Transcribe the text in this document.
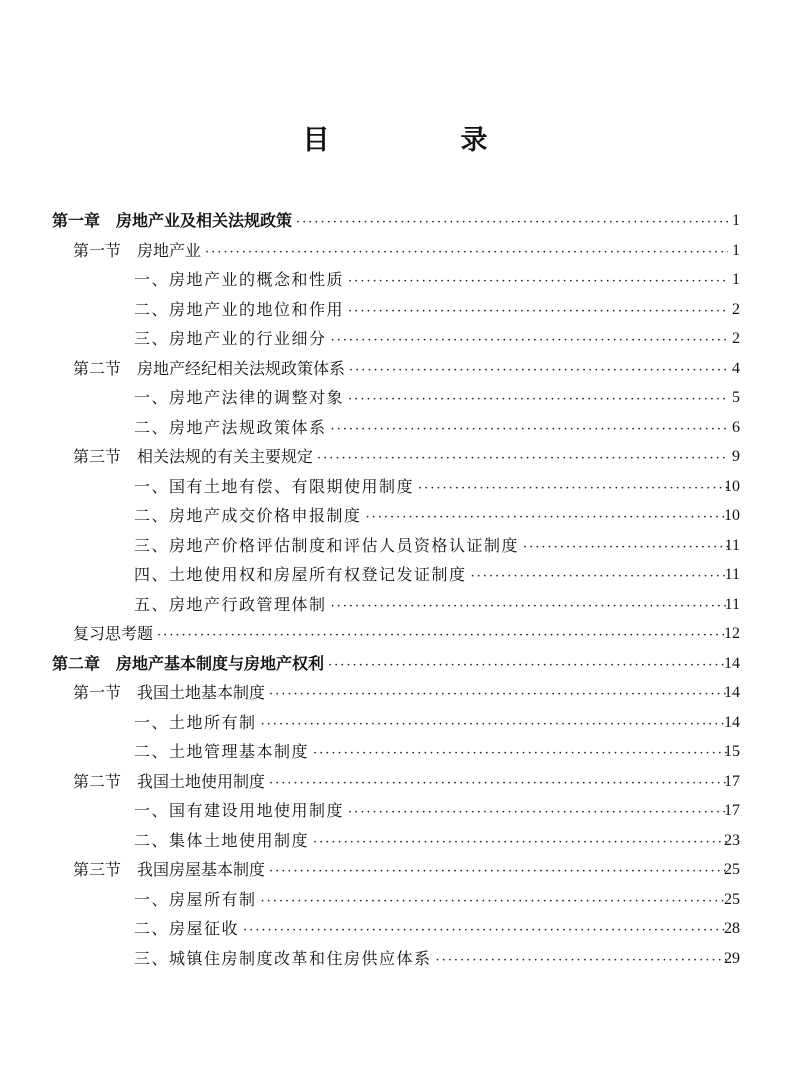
目　录
第一章　房地产业及相关法规政策 ·····	1
第一节　房地产业 ·····	1
一、房地产业的概念和性质 ·····	1
二、房地产业的地位和作用 ·····	2
三、房地产业的行业细分 ·····	2
第二节　房地产经纪相关法规政策体系 ·····	4
一、房地产法律的调整对象 ·····	5
二、房地产法规政策体系 ·····	6
第三节　相关法规的有关主要规定 ·····	9
一、国有土地有偿、有限期使用制度 ·····	10
二、房地产成交价格申报制度 ·····	10
三、房地产价格评估制度和评估人员资格认证制度 ·····	11
四、土地使用权和房屋所有权登记发证制度 ·····	11
五、房地产行政管理体制 ·····	11
复习思考题 ·····	12
第二章　房地产基本制度与房地产权利 ·····	14
第一节　我国土地基本制度 ·····	14
一、土地所有制 ·····	14
二、土地管理基本制度 ·····	15
第二节　我国土地使用制度 ·····	17
一、国有建设用地使用制度 ·····	17
二、集体土地使用制度 ·····	23
第三节　我国房屋基本制度 ·····	25
一、房屋所有制 ·····	25
二、房屋征收 ·····	28
三、城镇住房制度改革和住房供应体系 ·····	29
